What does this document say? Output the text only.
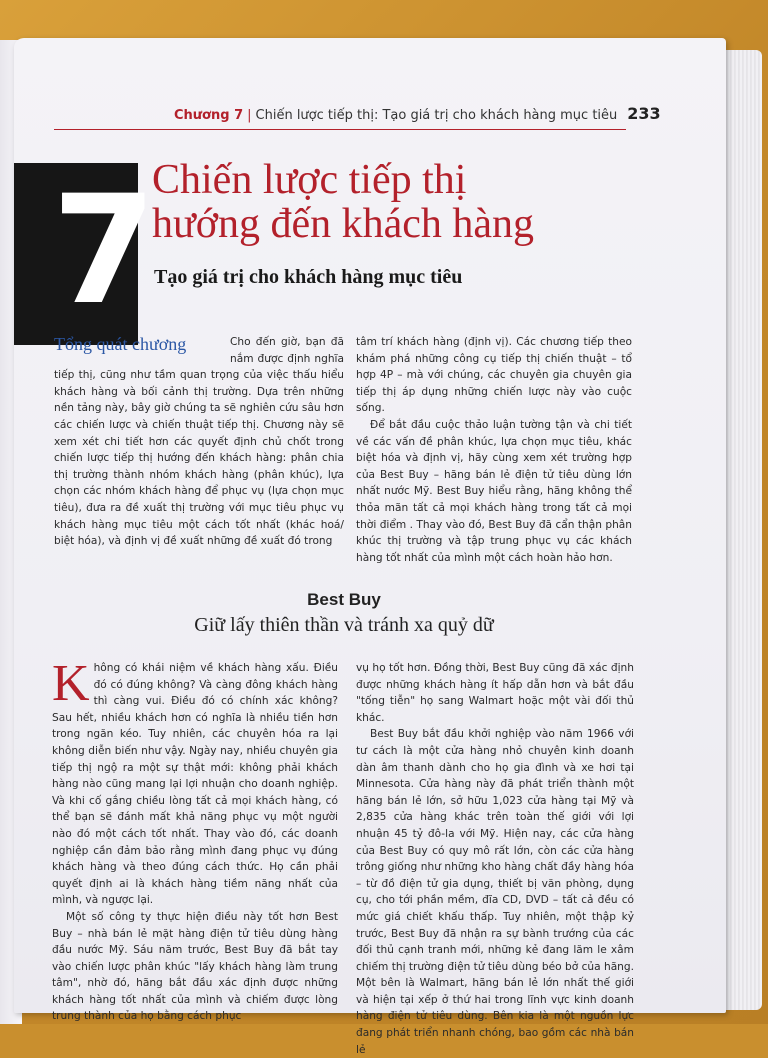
Chương 7 | Chiến lược tiếp thị: Tạo giá trị cho khách hàng mục tiêu 233
7
Chiến lược tiếp thị
hướng đến khách hàng
Tạo giá trị cho khách hàng mục tiêu

Cho đến giờ, bạn đã nắm được định nghĩa tiếp thị, cũng như tầm quan trọng của việc thấu hiểu khách hàng và bối cảnh thị trường. Dựa trên những nền tảng này, bây giờ chúng ta sẽ nghiên cứu sâu hơn các chiến lược và chiến thuật tiếp thị. Chương này sẽ xem xét chi tiết hơn các quyết định chủ chốt trong chiến lược tiếp thị hướng đến khách hàng: phân chia thị trường thành nhóm khách hàng (phân khúc), lựa chọn các nhóm khách hàng để phục vụ (lựa chọn mục tiêu), đưa ra đề xuất thị trường với mục tiêu phục vụ khách hàng mục tiêu một cách tốt nhất (khác hoá/ biệt hóa), và định vị đề xuất những đề xuất đó trong

Tổng quát chương	tâm trí khách hàng (định vị). Các chương tiếp theo khám phá những công cụ tiếp thị chiến thuật – tổ hợp 4P – mà với chúng, các chuyên gia chuyên gia tiếp thị áp dụng những chiến lược này vào cuộc sống.

Để bắt đầu cuộc thảo luận tường tận và chi tiết về các vấn đề phân khúc, lựa chọn mục tiêu, khác biệt hóa và định vị, hãy cùng xem xét trường hợp của Best Buy – hãng bán lẻ điện tử tiêu dùng lớn nhất nước Mỹ. Best Buy hiểu rằng, hãng không thể thỏa mãn tất cả mọi khách hàng trong tất cả mọi thời điểm . Thay vào đó, Best Buy đã cẩn thận phân khúc thị trường và tập trung phục vụ các khách hàng tốt nhất của mình một cách hoàn hảo hơn.

Best Buy
Giữ lấy thiên thần và tránh xa quỷ dữ

Không có khái niệm về khách hàng xấu. Điều đó có đúng không? Và càng đông khách hàng thì càng vui. Điều đó có chính xác không? Sau hết, nhiều khách hơn có nghĩa là nhiều tiền hơn trong ngăn kéo. Tuy nhiên, các chuyên hóa ra lại không diễn biến như vậy. Ngày nay, nhiều chuyên gia tiếp thị ngộ ra một sự thật mới: không phải khách hàng nào cũng mang lại lợi nhuận cho doanh nghiệp. Và khi cố gắng chiều lòng tất cả mọi khách hàng, có thể bạn sẽ đánh mất khả năng phục vụ một người nào đó một cách tốt nhất. Thay vào đó, các doanh nghiệp cần đảm bảo rằng mình đang phục vụ đúng khách hàng và theo đúng cách thức. Họ cần phải quyết định ai là khách hàng tiềm năng nhất của mình, và ngược lại.

Một số công ty thực hiện điều này tốt hơn Best Buy – nhà bán lẻ mặt hàng điện tử tiêu dùng hàng đầu nước Mỹ. Sáu năm trước, Best Buy đã bắt tay vào chiến lược phân khúc "lấy khách hàng làm trung tâm", nhờ đó, hãng bắt đầu xác định được những khách hàng tốt nhất của mình và chiếm được lòng trung thành của họ bằng cách phục

vụ họ tốt hơn. Đồng thời, Best Buy cũng đã xác định được những khách hàng ít hấp dẫn hơn và bắt đầu "tống tiễn" họ sang Walmart hoặc một vài đối thủ khác.

Best Buy bắt đầu khởi nghiệp vào năm 1966 với tư cách là một cửa hàng nhỏ chuyên kinh doanh dàn âm thanh dành cho họ gia đình và xe hơi tại Minnesota. Cửa hàng này đã phát triển thành một hãng bán lẻ lớn, sở hữu 1,023 cửa hàng tại Mỹ và 2,835 cửa hàng khác trên toàn thế giới với lợi nhuận 45 tỷ đô-la với Mỹ. Hiện nay, các cửa hàng của Best Buy có quy mô rất lớn, còn các cửa hàng trông giống như những kho hàng chất đầy hàng hóa – từ đồ điện tử gia dụng, thiết bị văn phòng, dụng cụ, cho tới phần mềm, đĩa CD, DVD – tất cả đều có mức giá chiết khấu thấp. Tuy nhiên, một thập kỷ trước, Best Buy đã nhận ra sự bành trướng của các đối thủ cạnh tranh mới, những kẻ đang lăm le xâm chiếm thị trường điện tử tiêu dùng béo bở của hãng. Một bên là Walmart, hãng bán lẻ lớn nhất thế giới và hiện tại xếp ở thứ hai trong lĩnh vực kinh doanh hàng điện tử tiêu dùng. Bên kia là một nguồn lực đang phát triển nhanh chóng, bao gồm các nhà bán lẻ
